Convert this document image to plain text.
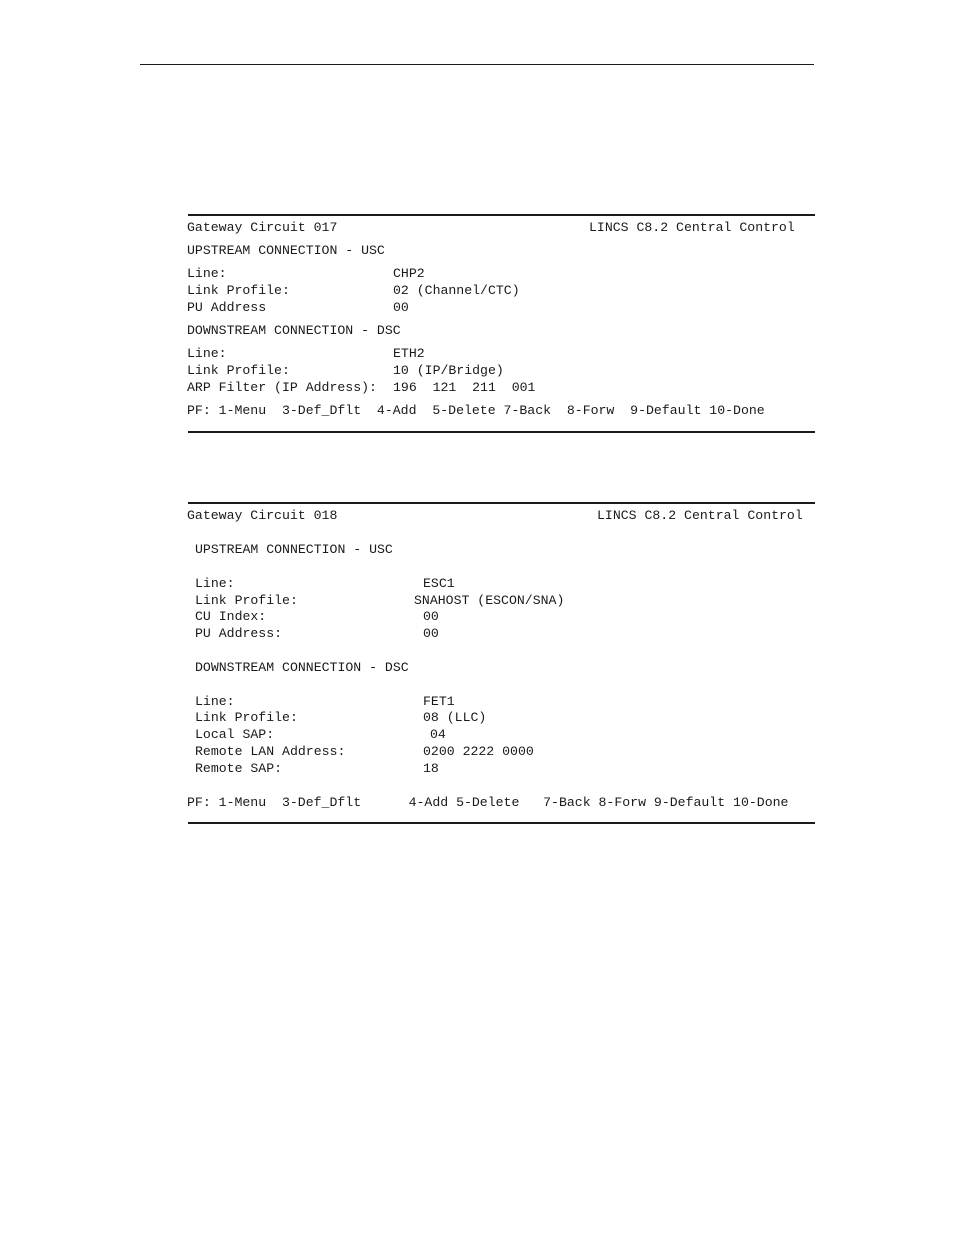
Gateway Circuit 017	LINCS C8.2 Central Control
UPSTREAM CONNECTION - USC
Line:	CHP2
Link Profile:	02 (Channel/CTC)
PU Address	00
DOWNSTREAM CONNECTION - DSC
Line:	ETH2
Link Profile:	10 (IP/Bridge)
ARP Filter (IP Address): 196  121  211  001
PF: 1-Menu  3-Def_Dflt  4-Add  5-Delete 7-Back  8-Forw  9-Default 10-Done
Gateway Circuit 018	LINCS C8.2 Central Control
UPSTREAM CONNECTION - USC
Line:	ESC1
Link Profile:	SNAHOST (ESCON/SNA)
CU Index:	00
PU Address:	00
DOWNSTREAM CONNECTION - DSC
Line:	FET1
Link Profile:	08 (LLC)
Local SAP:	04
Remote LAN Address:	0200 2222 0000
Remote SAP:	18
PF: 1-Menu  3-Def_Dflt      4-Add 5-Delete   7-Back 8-Forw 9-Default 10-Done
